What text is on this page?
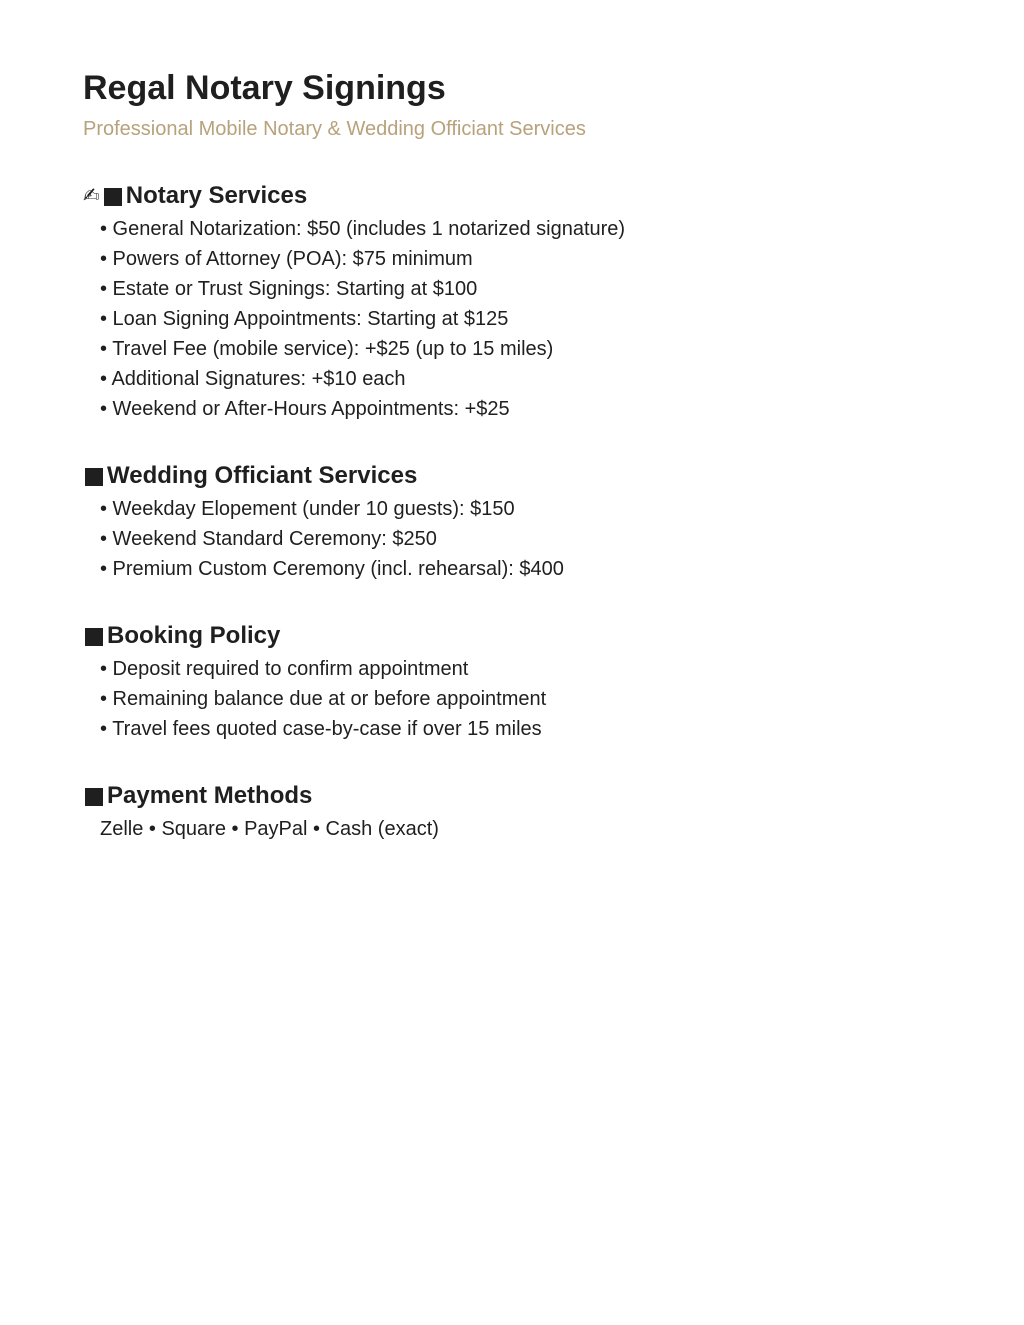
Regal Notary Signings

Professional Mobile Notary & Wedding Officiant Services

✍ Notary Services
• General Notarization: $50 (includes 1 notarized signature)
• Powers of Attorney (POA): $75 minimum
• Estate or Trust Signings: Starting at $100
• Loan Signing Appointments: Starting at $125
• Travel Fee (mobile service): +$25 (up to 15 miles)
• Additional Signatures: +$10 each
• Weekend or After-Hours Appointments: +$25
Wedding Officiant Services
• Weekday Elopement (under 10 guests): $150
• Weekend Standard Ceremony: $250
• Premium Custom Ceremony (incl. rehearsal): $400
Booking Policy
• Deposit required to confirm appointment
• Remaining balance due at or before appointment
• Travel fees quoted case-by-case if over 15 miles
Payment Methods

Zelle • Square • PayPal • Cash (exact)
